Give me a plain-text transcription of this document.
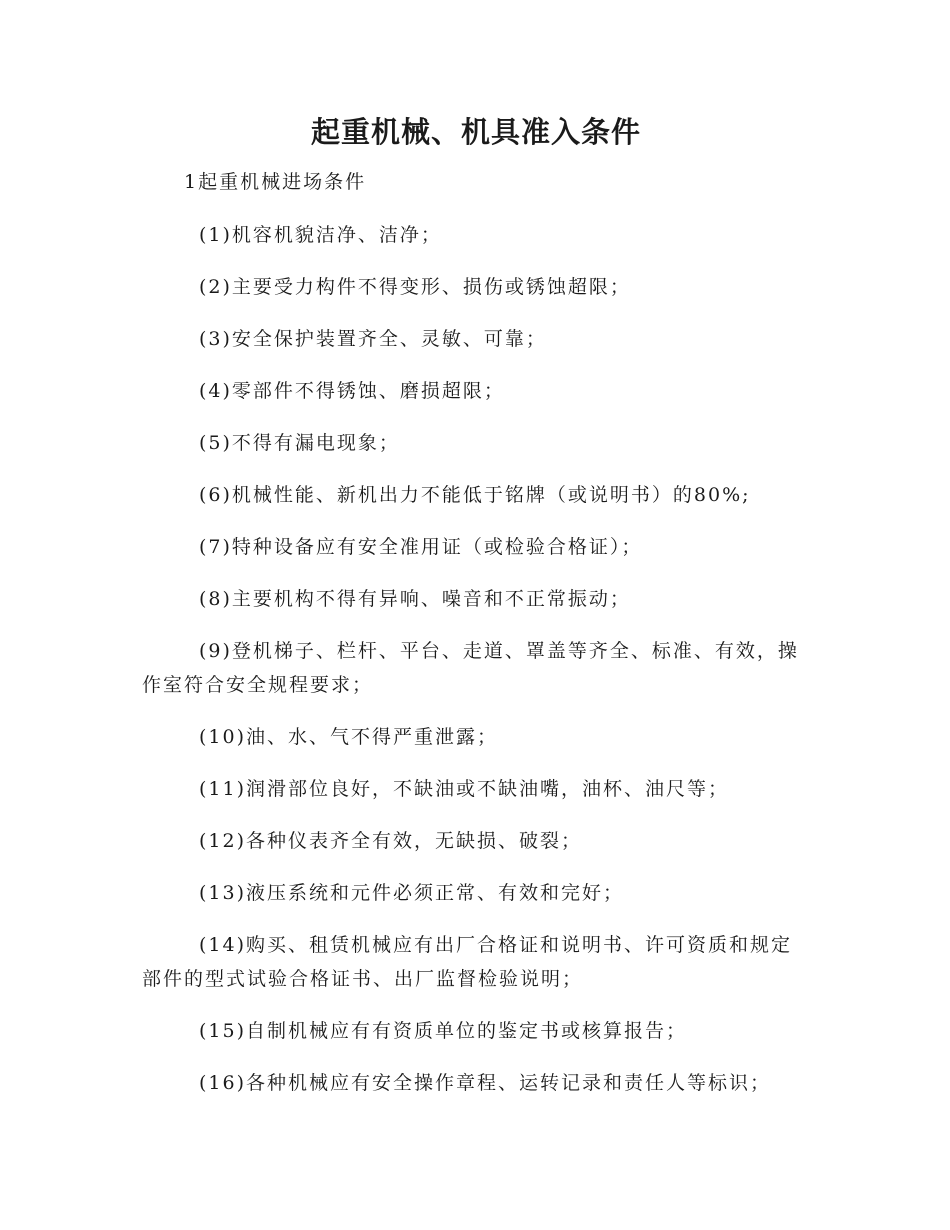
起重机械、机具准入条件

1起重机械进场条件

(1)机容机貌洁净、洁净；
(2)主要受力构件不得变形、损伤或锈蚀超限；
(3)安全保护装置齐全、灵敏、可靠；
(4)零部件不得锈蚀、磨损超限；
(5)不得有漏电现象；
(6)机械性能、新机出力不能低于铭牌（或说明书）的80%;
(7)特种设备应有安全准用证（或检验合格证）；
(8)主要机构不得有异响、噪音和不正常振动；
(9)登机梯子、栏杆、平台、走道、罩盖等齐全、标准、有效，操作室符合安全规程要求；
(10)油、水、气不得严重泄露；
(11)润滑部位良好，不缺油或不缺油嘴，油杯、油尺等；
(12)各种仪表齐全有效，无缺损、破裂；
(13)液压系统和元件必须正常、有效和完好；
(14)购买、租赁机械应有出厂合格证和说明书、许可资质和规定部件的型式试验合格证书、出厂监督检验说明；
(15)自制机械应有有资质单位的鉴定书或核算报告；
(16)各种机械应有安全操作章程、运转记录和责任人等标识；
